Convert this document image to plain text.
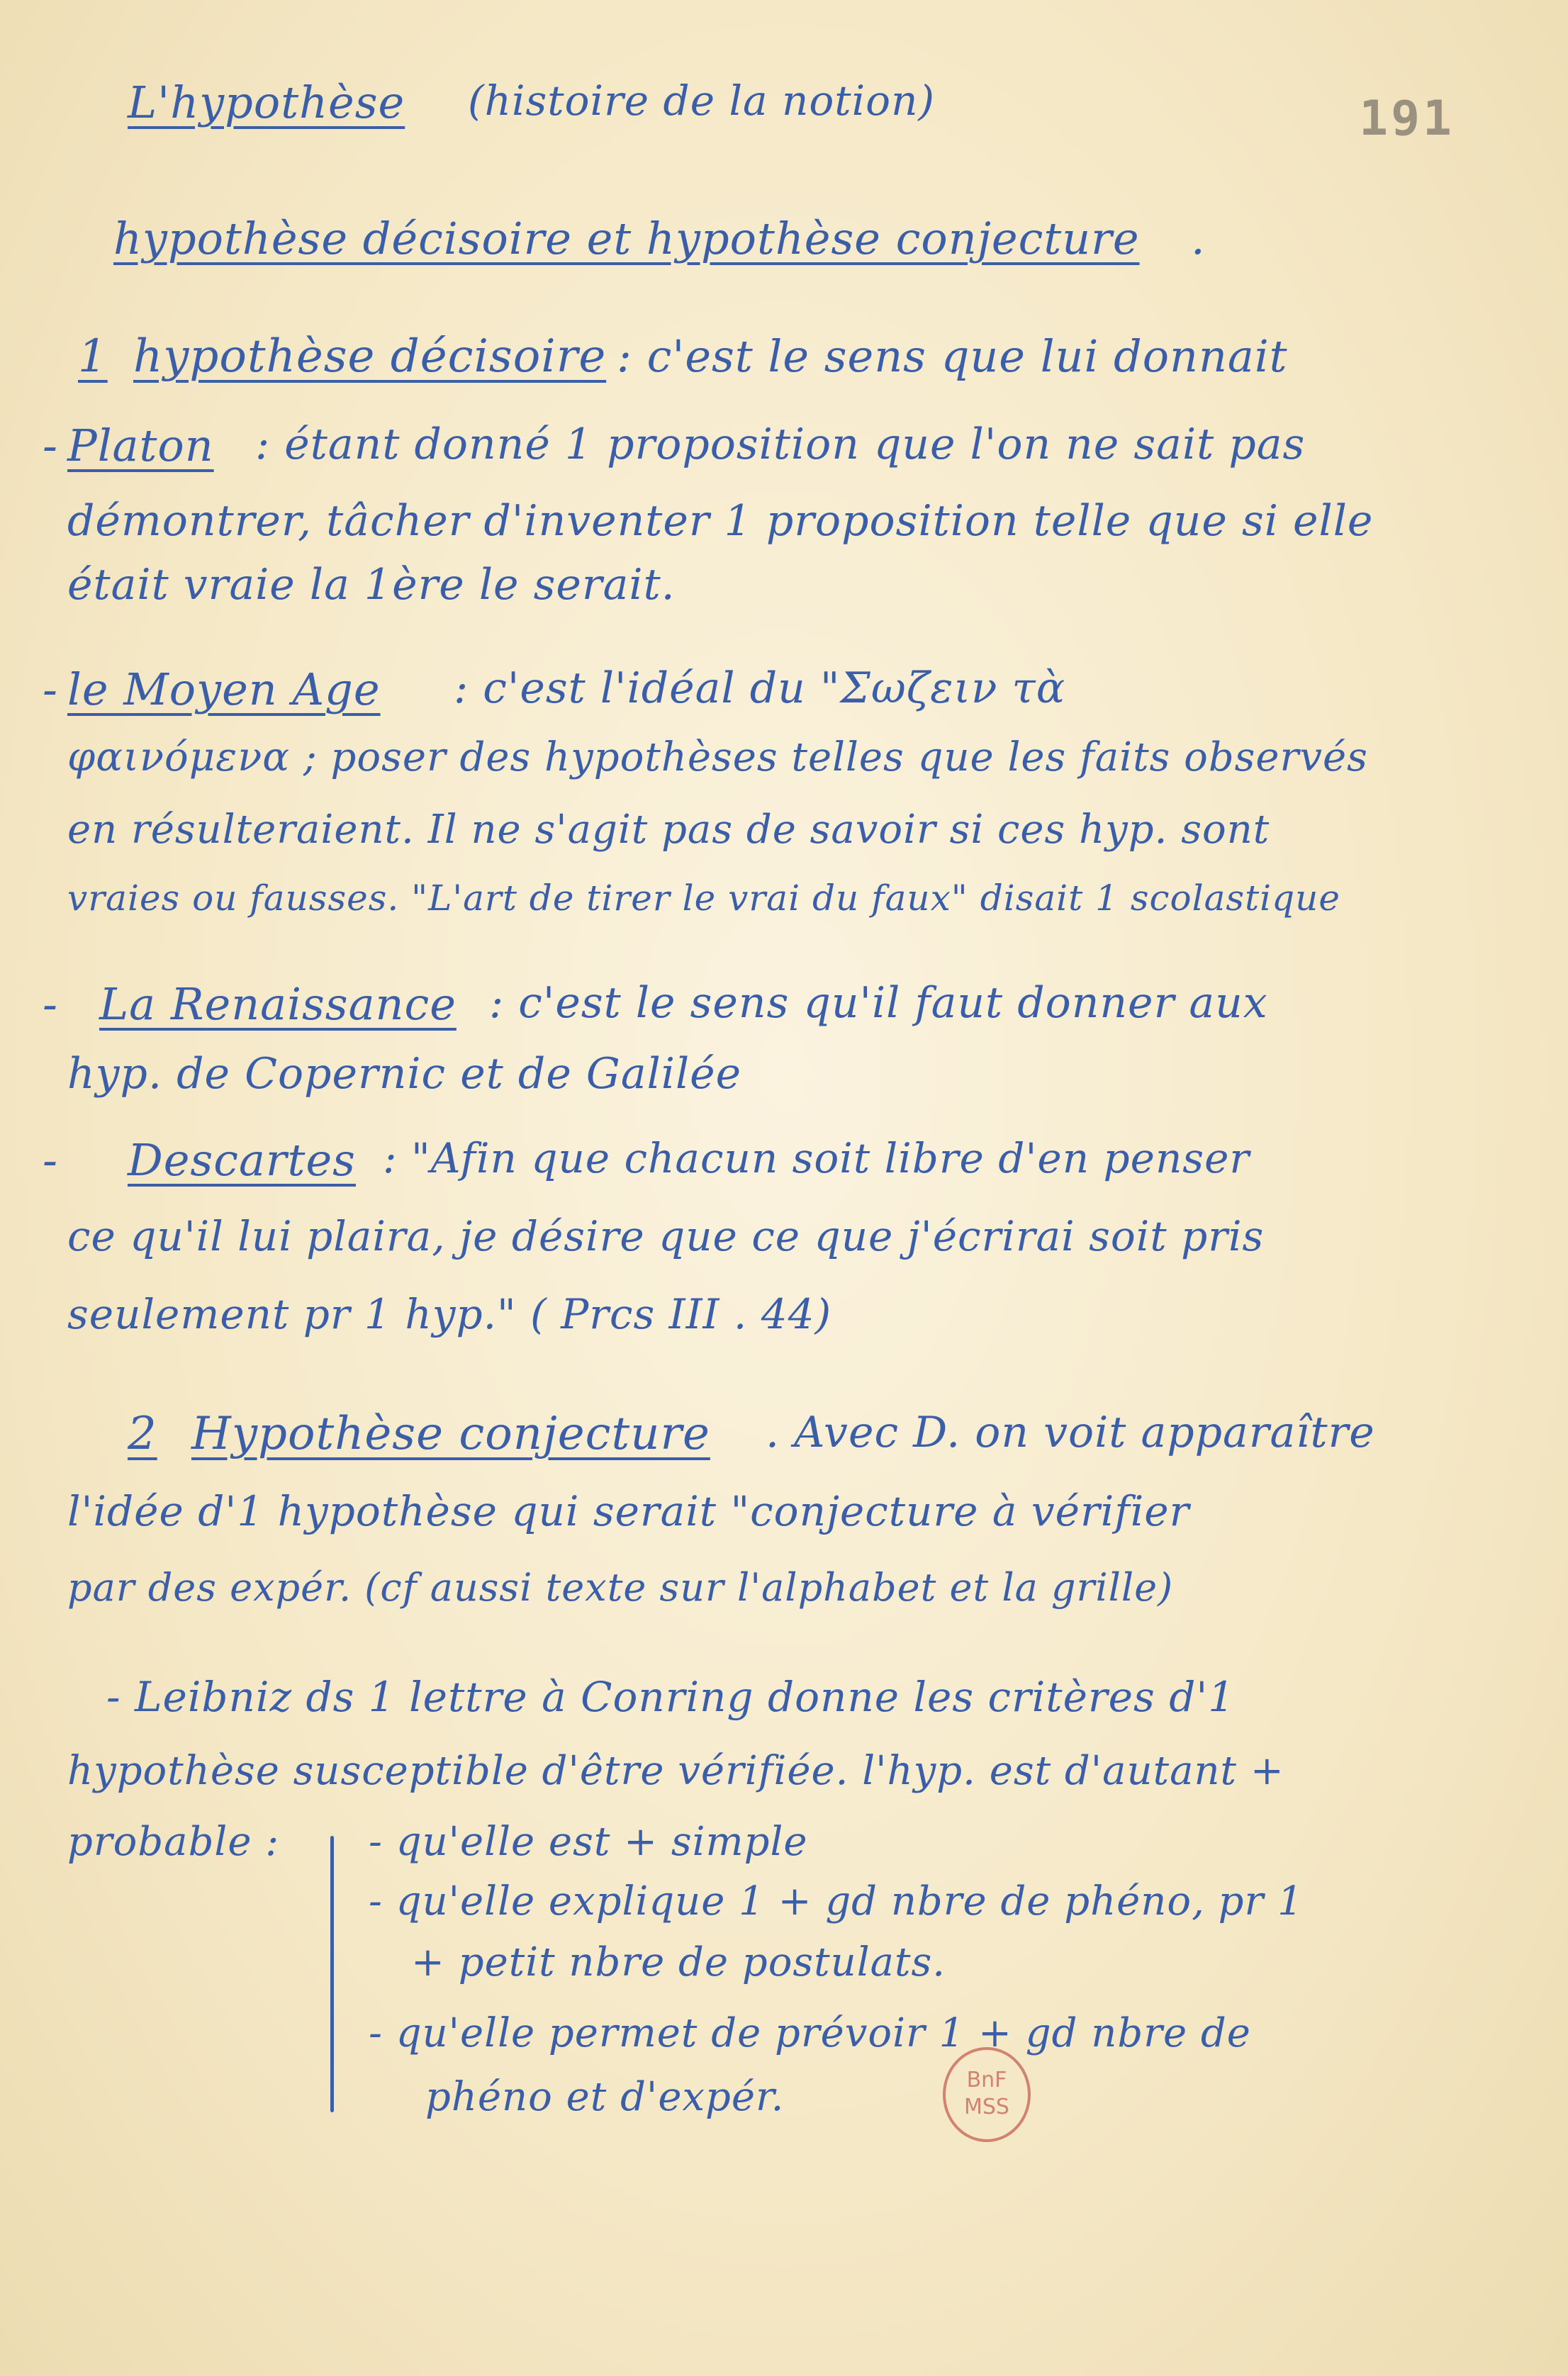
191
L'hypothèse (histoire de la notion)
hypothèse décisoire et hypothèse conjecture .
1 hypothèse décisoire : c'est le sens que lui donnait
- Platon : étant donné 1 proposition que l'on ne sait pas
démontrer, tâcher d'inventer 1 proposition telle que si elle
était vraie la 1ère le serait.
- le Moyen Age : c'est l'idéal du "Σωζειν τὰ
φαινόμενα ; poser des hypothèses telles que les faits observés
en résulteraient. Il ne s'agit pas de savoir si ces hyp. sont
vraies ou fausses. "L'art de tirer le vrai du faux" disait 1 scolastique
- La Renaissance : c'est le sens qu'il faut donner aux
hyp. de Copernic et de Galilée
- Descartes : "Afin que chacun soit libre d'en penser
ce qu'il lui plaira, je désire que ce que j'écrirai soit pris
seulement pr 1 hyp." ( Prcs III . 44)
2 Hypothèse conjecture . Avec D. on voit apparaître
l'idée d'1 hypothèse qui serait "conjecture à vérifier
par des expér. (cf aussi texte sur l'alphabet et la grille)
- Leibniz ds 1 lettre à Conring donne les critères d'1
hypothèse susceptible d'être vérifiée. l'hyp. est d'autant +
probable : - qu'elle est + simple
- qu'elle explique 1 + gd nbre de phéno, pr 1
+ petit nbre de postulats.
- qu'elle permet de prévoir 1 + gd nbre de
phéno et d'expér.	BnF
MSS
